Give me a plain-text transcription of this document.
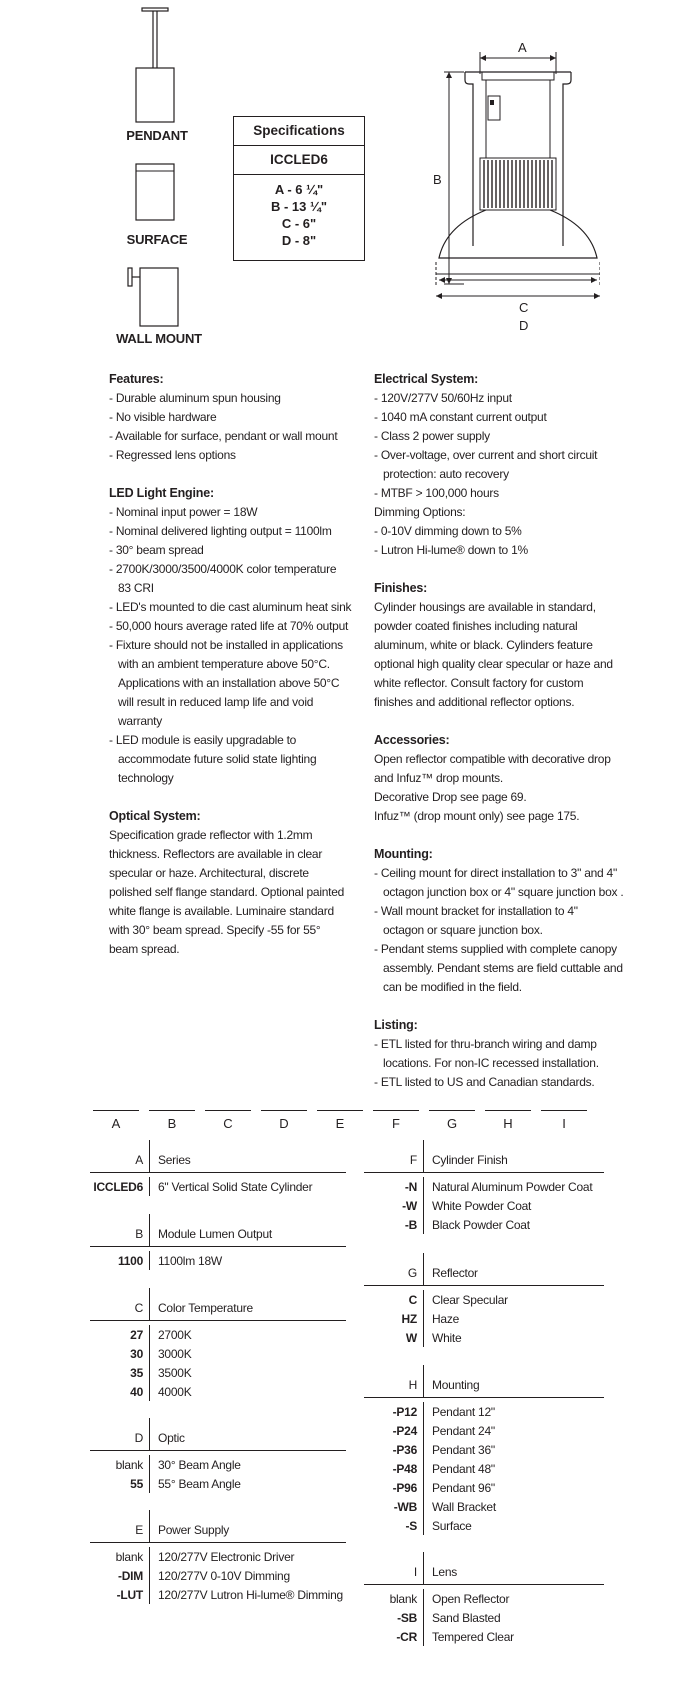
PENDANT
SURFACE
WALL MOUNT
Specifications
ICCLED6
A - 6 ¼"
B - 13 ¼"
C - 6"
D - 8"
A
B
C
D
Features:
- Durable aluminum spun housing
- No visible hardware
- Available for surface, pendant or wall mount
- Regressed lens options
LED Light Engine:
- Nominal input power = 18W
- Nominal delivered lighting output = 1100lm
- 30° beam spread
- 2700K/3000/3500/4000K color temperature 83 CRI
- LED's mounted to die cast aluminum heat sink
- 50,000 hours average rated life at 70% output
- Fixture should not be installed in applications with an ambient temperature above 50°C. Applications with an installation above 50°C will result in reduced lamp life and void warranty
- LED module is easily upgradable to accommodate future solid state lighting technology
Optical System:
Specification grade reflector with 1.2mm thickness. Reflectors are available in clear specular or haze. Architectural, discrete polished self flange standard. Optional painted white flange is available. Luminaire standard with 30° beam spread. Specify -55 for 55° beam spread.
Electrical System:
- 120V/277V 50/60Hz input
- 1040 mA constant current output
- Class 2 power supply
- Over-voltage, over current and short circuit protection: auto recovery
- MTBF > 100,000 hours
Dimming Options:
- 0-10V dimming down to 5%
- Lutron Hi-lume® down to 1%
Finishes:
Cylinder housings are available in standard, powder coated finishes including natural aluminum, white or black. Cylinders feature optional high quality clear specular or haze and white reflector. Consult factory for custom finishes and additional reflector options.
Accessories:
Open reflector compatible with decorative drop and Infuz™ drop mounts.
Decorative Drop see page 69.
Infuz™ (drop mount only) see page 175.
Mounting:
- Ceiling mount for direct installation to 3" and 4" octagon junction box or 4" square junction box .
- Wall mount bracket for installation to 4" octagon or square junction box.
- Pendant stems supplied with complete canopy assembly. Pendant stems are field cuttable and can be modified in the field.
Listing:
- ETL listed for thru-branch wiring and damp locations. For non-IC recessed installation.
- ETL listed to US and Canadian standards.
A	B	C	D	E	F	G	H	I
A	Series
ICCLED6	6" Vertical Solid State Cylinder
B	Module Lumen Output
1100	1100lm 18W
C	Color Temperature
27	2700K
30	3000K
35	3500K
40	4000K
D	Optic
blank	30° Beam Angle
55	55° Beam Angle
E	Power Supply
blank	120/277V Electronic Driver
-DIM	120/277V 0-10V Dimming
-LUT	120/277V Lutron Hi-lume® Dimming
F	Cylinder Finish
-N	Natural Aluminum Powder Coat
-W	White Powder Coat
-B	Black Powder Coat
G	Reflector
C	Clear Specular
HZ	Haze
W	White
H	Mounting
-P12	Pendant 12"
-P24	Pendant 24"
-P36	Pendant 36"
-P48	Pendant 48"
-P96	Pendant 96"
-WB	Wall Bracket
-S	Surface
I	Lens
blank	Open Reflector
-SB	Sand Blasted
-CR	Tempered Clear
